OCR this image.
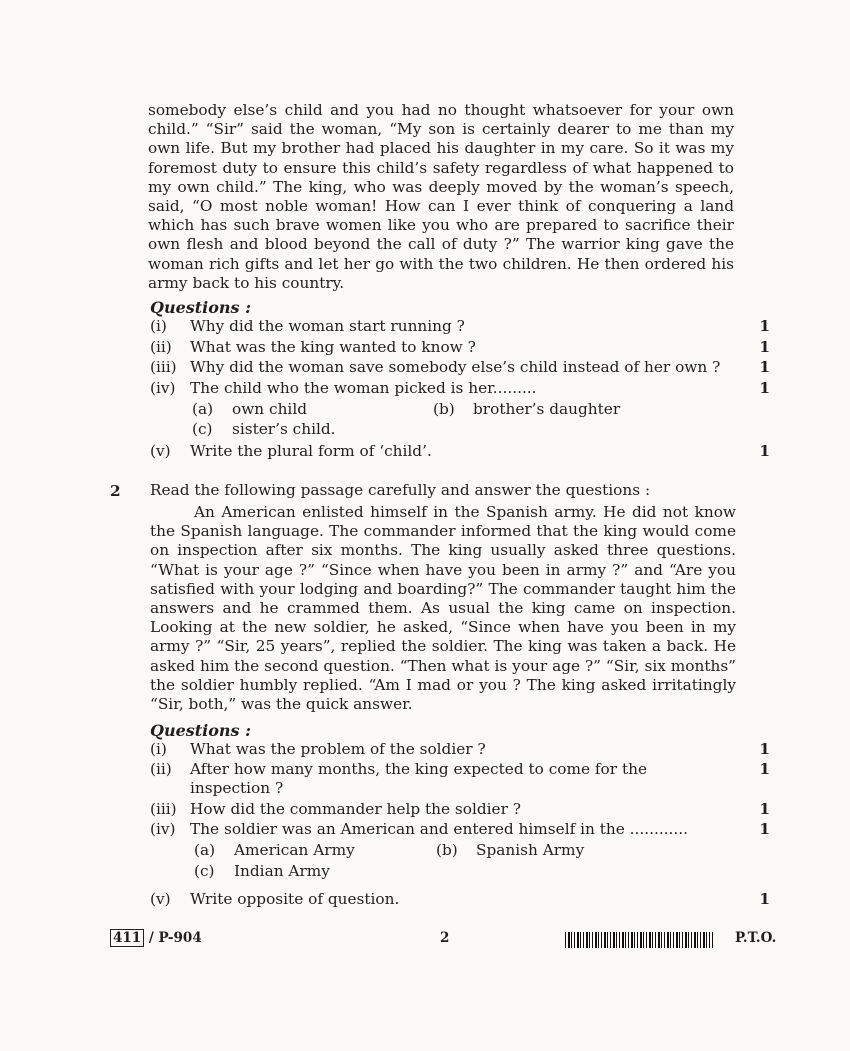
somebody else’s child and you had no thought whatsoever for your own child.” “Sir” said the woman, “My son is certainly dearer to me than my own life. But my brother had placed his daughter in my care. So it was my foremost duty to ensure this child’s safety regardless of what happened to my own child.” The king, who was deeply moved by the woman’s speech, said, “O most noble woman! How can I ever think of conquering a land which has such brave women like you who are prepared to sacrifice their own flesh and blood beyond the call of duty ?” The warrior king gave the woman rich gifts and let her go with the two children. He then ordered his army back to his country.

Questions :
(i) Why did the woman start running ?	1
(ii) What was the king wanted to know ?	1
(iii) Why did the woman save somebody else’s child instead of her own ?	1
(iv) The child who the woman picked is her.........	1
(a) own child	(b) brother’s daughter
(c) sister’s child.
(v) Write the plural form of ‘child’.	1
2 Read the following passage carefully and answer the questions :

An American enlisted himself in the Spanish army. He did not know the Spanish language. The commander informed that the king would come on inspection after six months. The king usually asked three questions. “What is your age ?” “Since when have you been in army ?” and “Are you satisfied with your lodging and boarding?” The commander taught him the answers and he crammed them. As usual the king came on inspection. Looking at the new soldier, he asked, “Since when have you been in my army ?” “Sir, 25 years”, replied the soldier. The king was taken a back. He asked him the second question. “Then what is your age ?” “Sir, six months” the soldier humbly replied. “Am I mad or you ? The king asked irritatingly “Sir, both,” was the quick answer.

Questions :
(i) What was the problem of the soldier ?	1
(ii) After how many months, the king expected to come for the inspection ?
1
(iii) How did the commander help the soldier ?	1
(iv) The soldier was an American and entered himself in the ............	1
(a) American Army	(b) Spanish Army
(c) Indian Army
(v) Write opposite of question.	1
411 / P-904	2	P.T.O.
